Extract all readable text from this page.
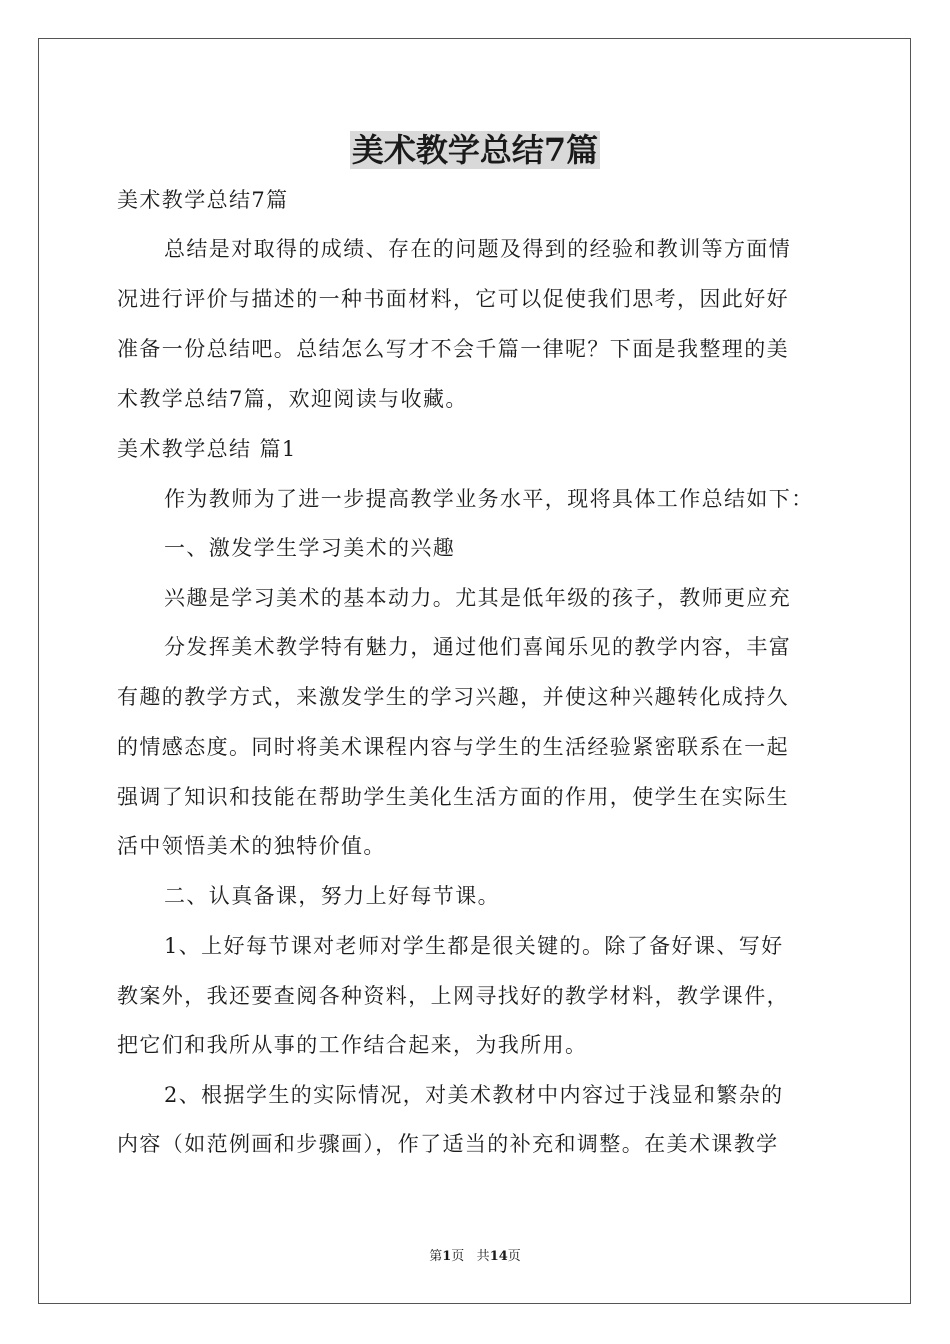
美术教学总结7篇
美术教学总结7篇
总结是对取得的成绩、存在的问题及得到的经验和教训等方面情
况进行评价与描述的一种书面材料，它可以促使我们思考，因此好好
准备一份总结吧。总结怎么写才不会千篇一律呢？下面是我整理的美
术教学总结7篇，欢迎阅读与收藏。
美术教学总结 篇1
作为教师为了进一步提高教学业务水平，现将具体工作总结如下：
一、激发学生学习美术的兴趣
兴趣是学习美术的基本动力。尤其是低年级的孩子，教师更应充
分发挥美术教学特有魅力，通过他们喜闻乐见的教学内容，丰富
有趣的教学方式，来激发学生的学习兴趣，并使这种兴趣转化成持久
的情感态度。同时将美术课程内容与学生的生活经验紧密联系在一起
强调了知识和技能在帮助学生美化生活方面的作用，使学生在实际生
活中领悟美术的独特价值。
二、认真备课，努力上好每节课。
1、上好每节课对老师对学生都是很关键的。除了备好课、写好
教案外，我还要查阅各种资料，上网寻找好的教学材料，教学课件，
把它们和我所从事的工作结合起来，为我所用。
2、根据学生的实际情况，对美术教材中内容过于浅显和繁杂的
内容（如范例画和步骤画），作了适当的补充和调整。在美术课教学
第1页 共14页
